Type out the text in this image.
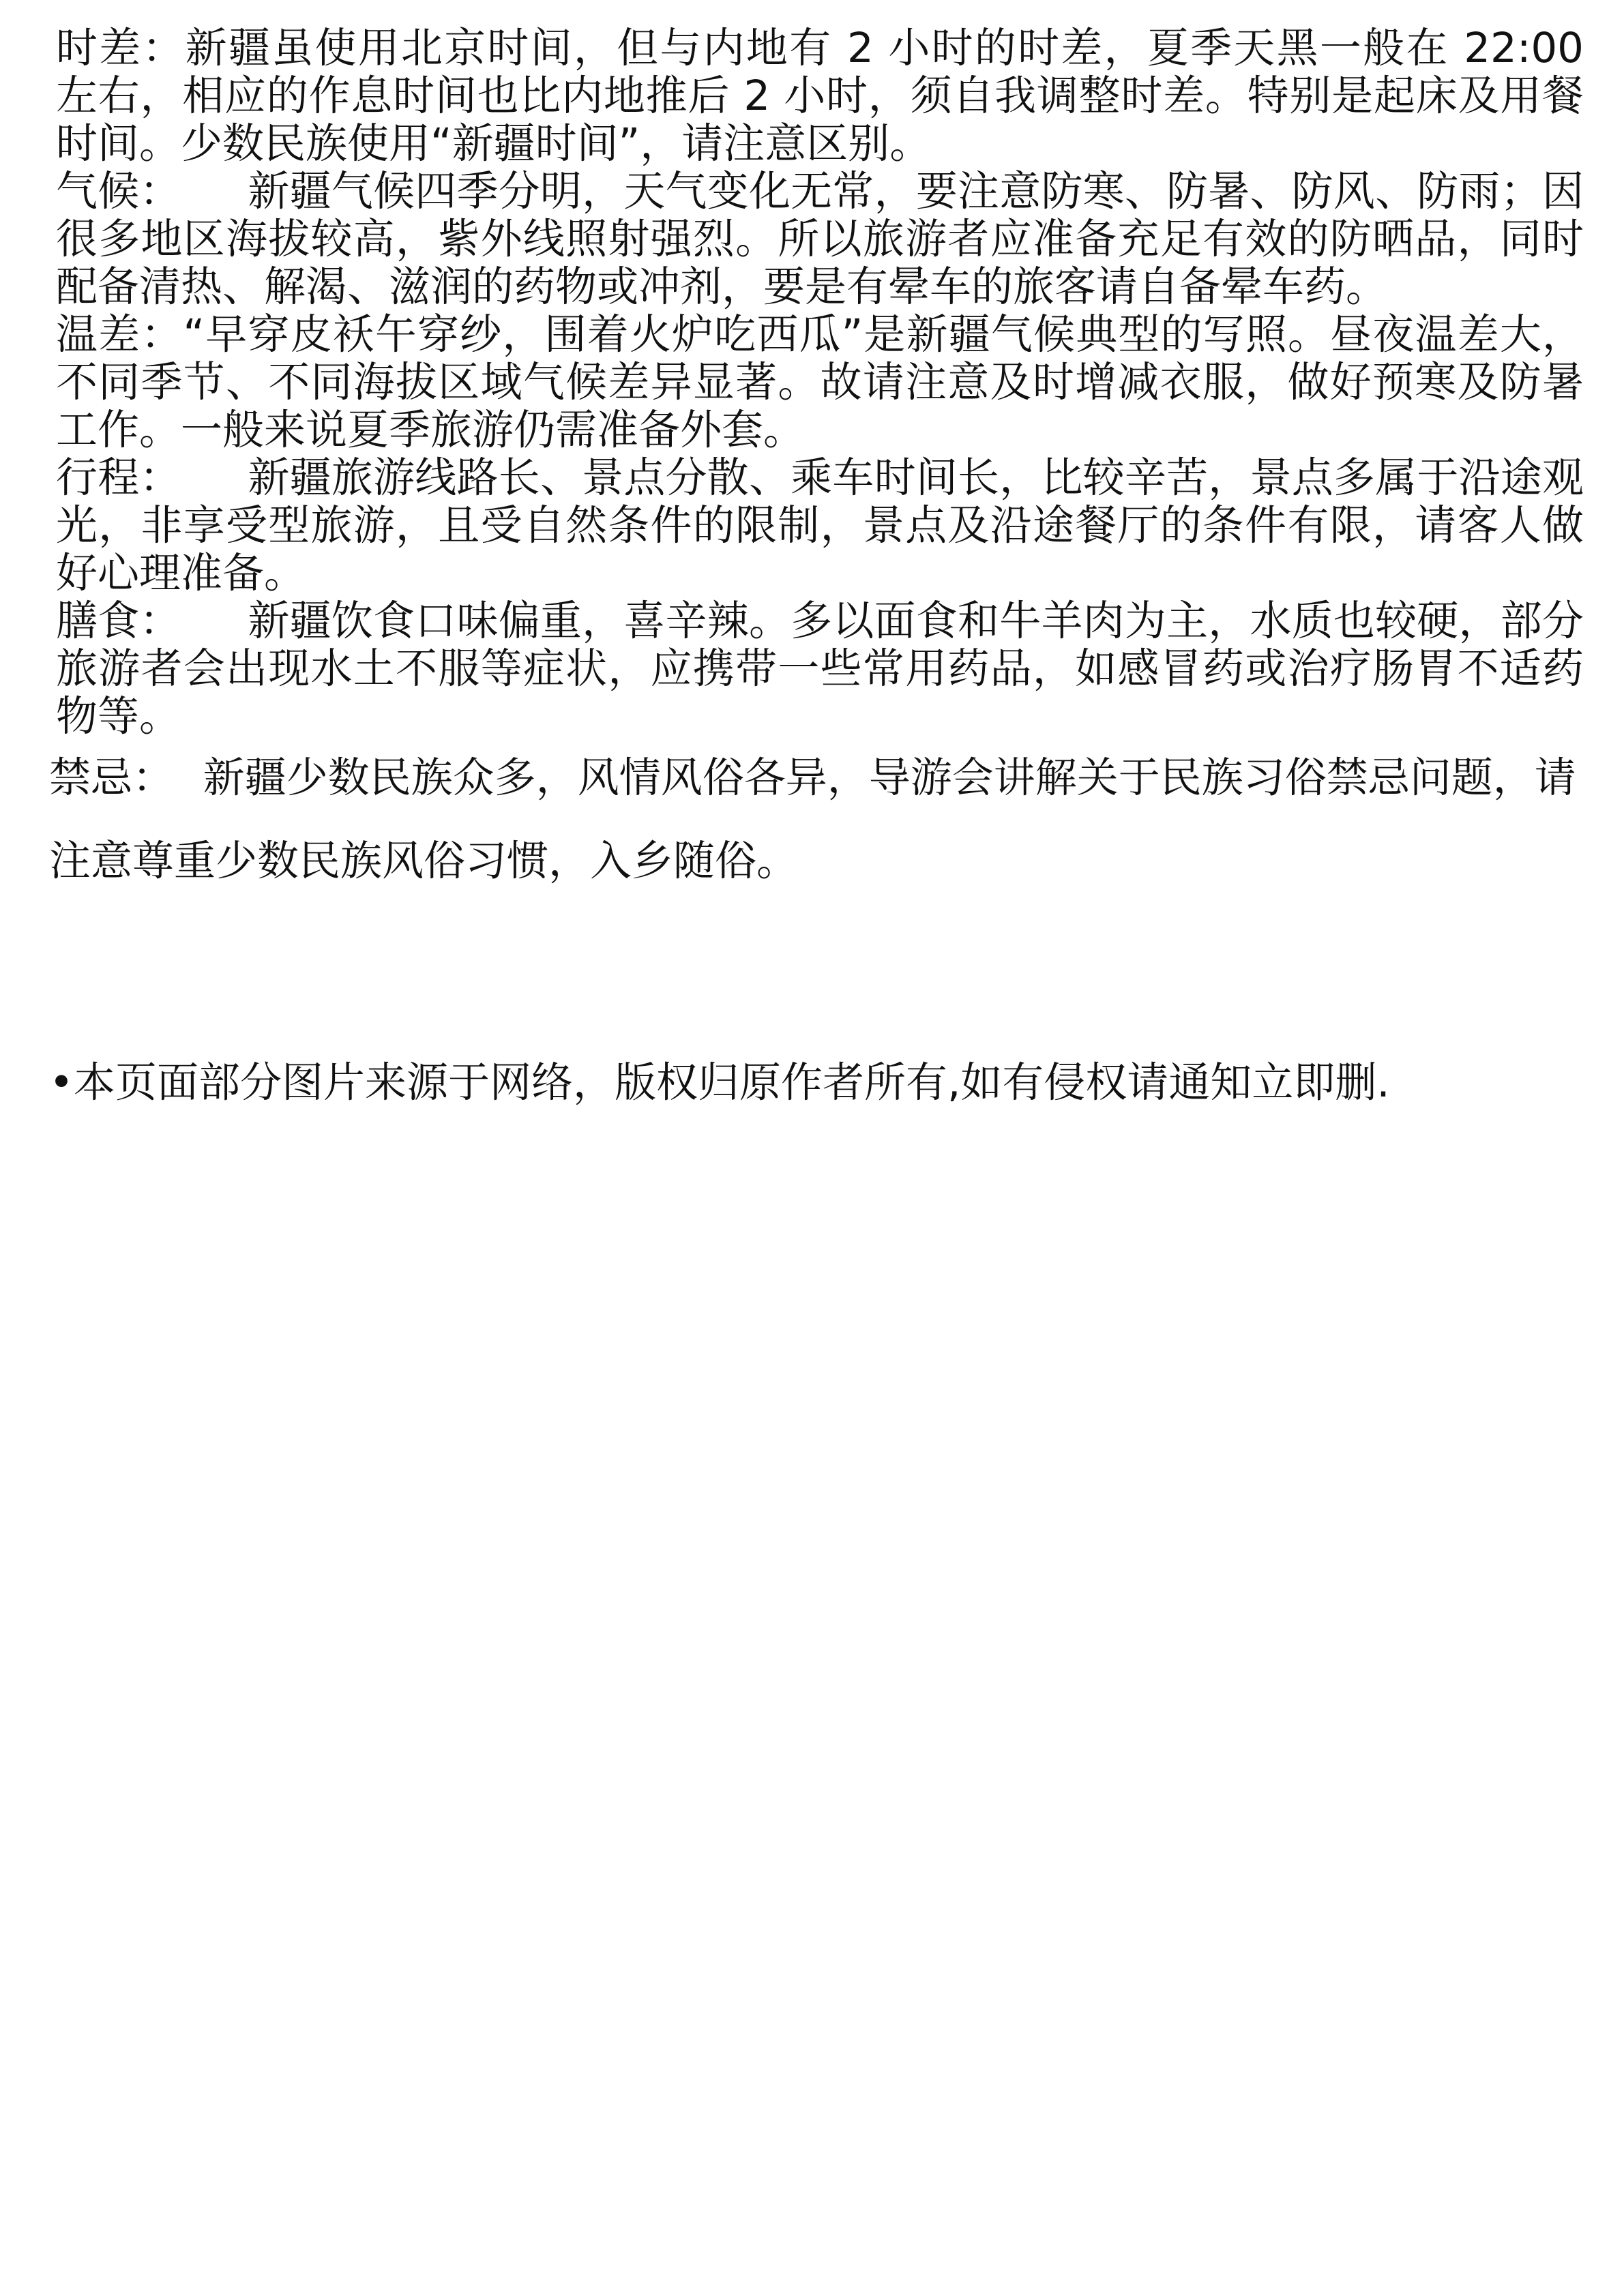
时差：新疆虽使用北京时间，但与内地有 2 小时的时差，夏季天黑一般在 22:00 左右，相应的作息时间也比内地推后 2 小时，须自我调整时差。特别是起床及用餐时间。少数民族使用“新疆时间”，请注意区别。

气候： 新疆气候四季分明，天气变化无常，要注意防寒、防暑、防风、防雨；因很多地区海拔较高，紫外线照射强烈。所以旅游者应准备充足有效的防晒品，同时配备清热、解渴、滋润的药物或冲剂，要是有晕车的旅客请自备晕车药。

温差：“早穿皮袄午穿纱，围着火炉吃西瓜”是新疆气候典型的写照。昼夜温差大，不同季节、不同海拔区域气候差异显著。故请注意及时增减衣服，做好预寒及防暑工作。一般来说夏季旅游仍需准备外套。

行程： 新疆旅游线路长、景点分散、乘车时间长，比较辛苦，景点多属于沿途观光，非享受型旅游，且受自然条件的限制，景点及沿途餐厅的条件有限，请客人做好心理准备。

膳食： 新疆饮食口味偏重，喜辛辣。多以面食和牛羊肉为主，水质也较硬，部分旅游者会出现水土不服等症状，应携带一些常用药品，如感冒药或治疗肠胃不适药物等。

禁忌： 新疆少数民族众多，风情风俗各异，导游会讲解关于民族习俗禁忌问题，请注意尊重少数民族风俗习惯，入乡随俗。
•本页面部分图片来源于网络，版权归原作者所有,如有侵权请通知立即删.
